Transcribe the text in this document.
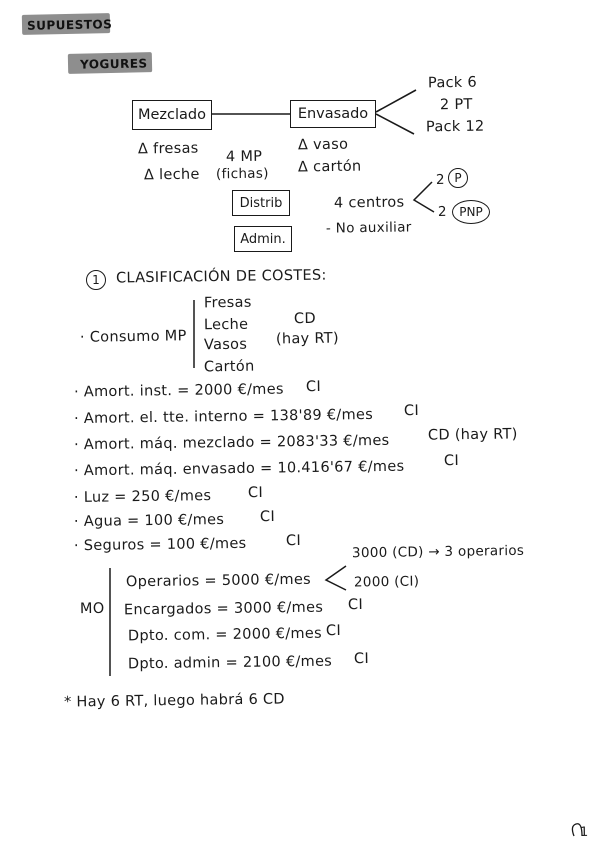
SUPUESTOS
YOGURES
Mezclado	Envasado
Pack 6
2 PT
Pack 12
Δ fresas
Δ leche
4 MP
(fichas)
Δ vaso
Δ cartón
Distrib
Admin.
4 centros
- No auxiliar
2 P
2	PNP
1	CLASIFICACIÓN DE COSTES:
· Consumo MP
Fresas
Leche
Vasos
Cartón
CD
(hay RT)
· Amort. inst. = 2000 €/mes CI
· Amort. el. tte. interno = 138'89 €/mes CI
· Amort. máq. mezclado = 2083'33 €/mes	CD (hay RT)
· Amort. máq. envasado = 10.416'67 €/mes	CI
· Luz = 250 €/mes	CI
· Agua = 100 €/mes CI
· Seguros = 100 €/mes	CI
MO
Operarios = 5000 €/mes
Encargados = 3000 €/mes CI
Dpto. com. = 2000 €/mes CI
Dpto. admin = 2100 €/mes CI
3000 (CD) → 3 operarios
2000 (CI)
* Hay 6 RT, luego habrá 6 CD
1
